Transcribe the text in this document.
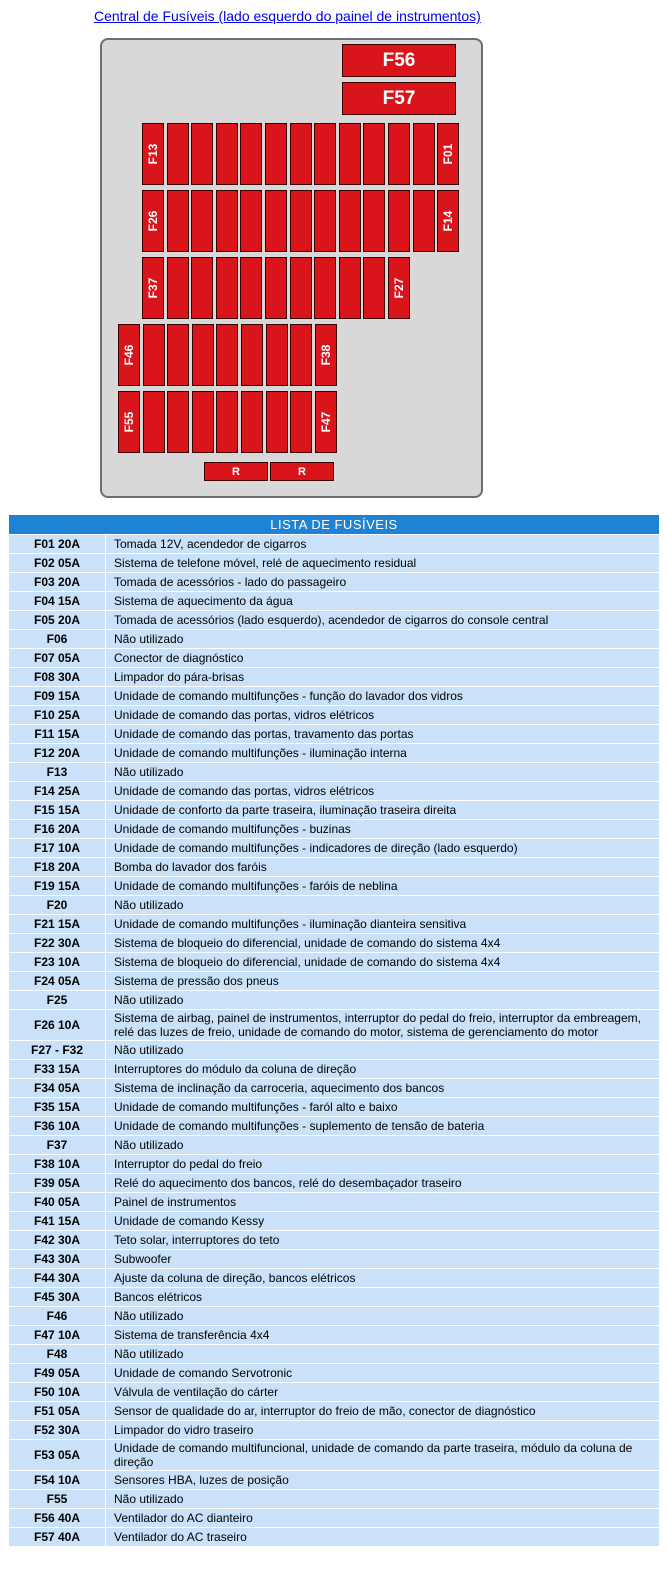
Central de Fusíveis (lado esquerdo do painel de instrumentos)
F56
F57
F13	F01
F26	F14
F37	F27
F46	F38
F55	F47
R	R
LISTA DE FUSÍVEIS	
F01 20A	Tomada 12V, acendedor de cigarros
F02 05A	Sistema de telefone móvel, relé de aquecimento residual
F03 20A	Tomada de acessórios - lado do passageiro
F04 15A	Sistema de aquecimento da água
F05 20A	Tomada de acessórios (lado esquerdo), acendedor de cigarros do console central
F06	Não utilizado
F07 05A	Conector de diagnóstico
F08 30A	Limpador do pára-brisas
F09 15A	Unidade de comando multifunções - função do lavador dos vidros
F10 25A	Unidade de comando das portas, vidros elétricos
F11 15A	Unidade de comando das portas, travamento das portas
F12 20A	Unidade de comando multifunções - iluminação interna
F13	Não utilizado
F14 25A	Unidade de comando das portas, vidros elétricos
F15 15A	Unidade de conforto da parte traseira, iluminação traseira direita
F16 20A	Unidade de comando multifunções - buzinas
F17 10A	Unidade de comando multifunções - indicadores de direção (lado esquerdo)
F18 20A	Bomba do lavador dos faróis
F19 15A	Unidade de comando multifunções - faróis de neblina
F20	Não utilizado
F21 15A	Unidade de comando multifunções - iluminação dianteira sensitiva
F22 30A	Sistema de bloqueio do diferencial, unidade de comando do sistema 4x4
F23 10A	Sistema de bloqueio do diferencial, unidade de comando do sistema 4x4
F24 05A	Sistema de pressão dos pneus
F25	Não utilizado
F26 10A	Sistema de airbag, painel de instrumentos, interruptor do pedal do freio, interruptor da embreagem, relé das luzes de freio, unidade de comando do motor, sistema de gerenciamento do motor
F27 - F32	Não utilizado
F33 15A	Interruptores do módulo da coluna de direção
F34 05A	Sistema de inclinação da carroceria, aquecimento dos bancos
F35 15A	Unidade de comando multifunções - faról alto e baixo
F36 10A	Unidade de comando multifunções - suplemento de tensão de bateria
F37	Não utilizado
F38 10A	Interruptor do pedal do freio
F39 05A	Relé do aquecimento dos bancos, relé do desembaçador traseiro
F40 05A	Painel de instrumentos
F41 15A	Unidade de comando Kessy
F42 30A	Teto solar, interruptores do teto
F43 30A	Subwoofer
F44 30A	Ajuste da coluna de direção, bancos elétricos
F45 30A	Bancos elétricos
F46	Não utilizado
F47 10A	Sistema de transferência 4x4
F48	Não utilizado
F49 05A	Unidade de comando Servotronic
F50 10A	Válvula de ventilação do cárter
F51 05A	Sensor de qualidade do ar, interruptor do freio de mão, conector de diagnóstico
F52 30A	Limpador do vidro traseiro
F53 05A	Unidade de comando multifuncional, unidade de comando da parte traseira, módulo da coluna de direção
F54 10A	Sensores HBA, luzes de posição
F55	Não utilizado
F56 40A	Ventilador do AC dianteiro
F57 40A	Ventilador do AC traseiro
